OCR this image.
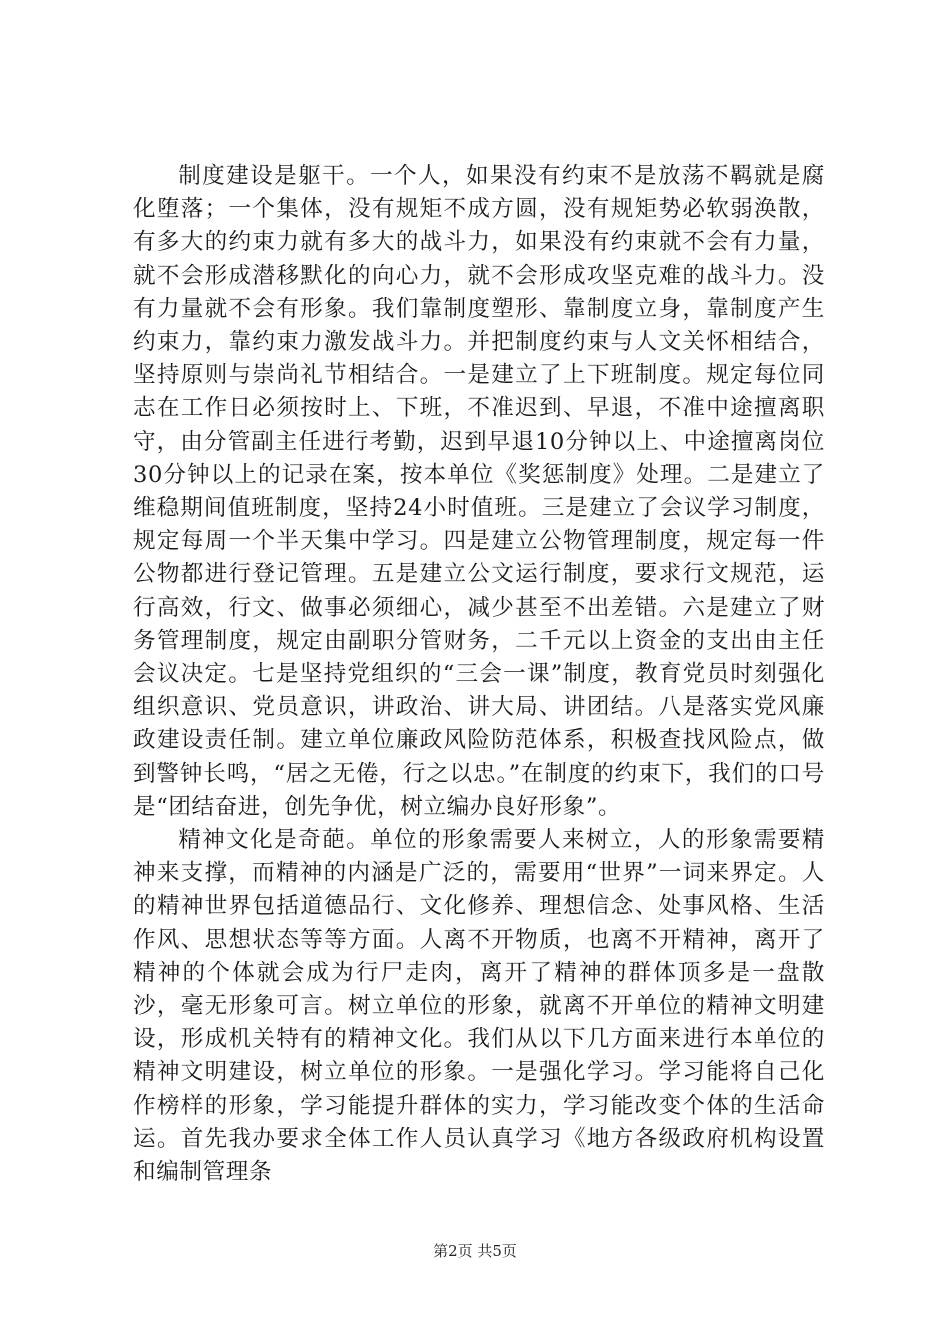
制度建设是躯干。一个人，如果没有约束不是放荡不羁就是腐化堕落；一个集体，没有规矩不成方圆，没有规矩势必软弱涣散，有多大的约束力就有多大的战斗力，如果没有约束就不会有力量，就不会形成潜移默化的向心力，就不会形成攻坚克难的战斗力。没有力量就不会有形象。我们靠制度塑形、靠制度立身，靠制度产生约束力，靠约束力激发战斗力。并把制度约束与人文关怀相结合，坚持原则与崇尚礼节相结合。一是建立了上下班制度。规定每位同志在工作日必须按时上、下班，不准迟到、早退，不准中途擅离职守，由分管副主任进行考勤，迟到早退10分钟以上、中途擅离岗位30分钟以上的记录在案，按本单位《奖惩制度》处理。二是建立了维稳期间值班制度，坚持24小时值班。三是建立了会议学习制度，规定每周一个半天集中学习。四是建立公物管理制度，规定每一件公物都进行登记管理。五是建立公文运行制度，要求行文规范，运行高效，行文、做事必须细心，减少甚至不出差错。六是建立了财务管理制度，规定由副职分管财务，二千元以上资金的支出由主任会议决定。七是坚持党组织的“三会一课”制度，教育党员时刻强化组织意识、党员意识，讲政治、讲大局、讲团结。八是落实党风廉政建设责任制。建立单位廉政风险防范体系，积极查找风险点，做到警钟长鸣，“居之无倦，行之以忠。”在制度的约束下，我们的口号是“团结奋进，创先争优，树立编办良好形象”。

精神文化是奇葩。单位的形象需要人来树立，人的形象需要精神来支撑，而精神的内涵是广泛的，需要用“世界”一词来界定。人的精神世界包括道德品行、文化修养、理想信念、处事风格、生活作风、思想状态等等方面。人离不开物质，也离不开精神，离开了精神的个体就会成为行尸走肉，离开了精神的群体顶多是一盘散沙，毫无形象可言。树立单位的形象，就离不开单位的精神文明建设，形成机关特有的精神文化。我们从以下几方面来进行本单位的精神文明建设，树立单位的形象。一是强化学习。学习能将自己化作榜样的形象，学习能提升群体的实力，学习能改变个体的生活命运。首先我办要求全体工作人员认真学习《地方各级政府机构设置和编制管理条

第2页 共5页
